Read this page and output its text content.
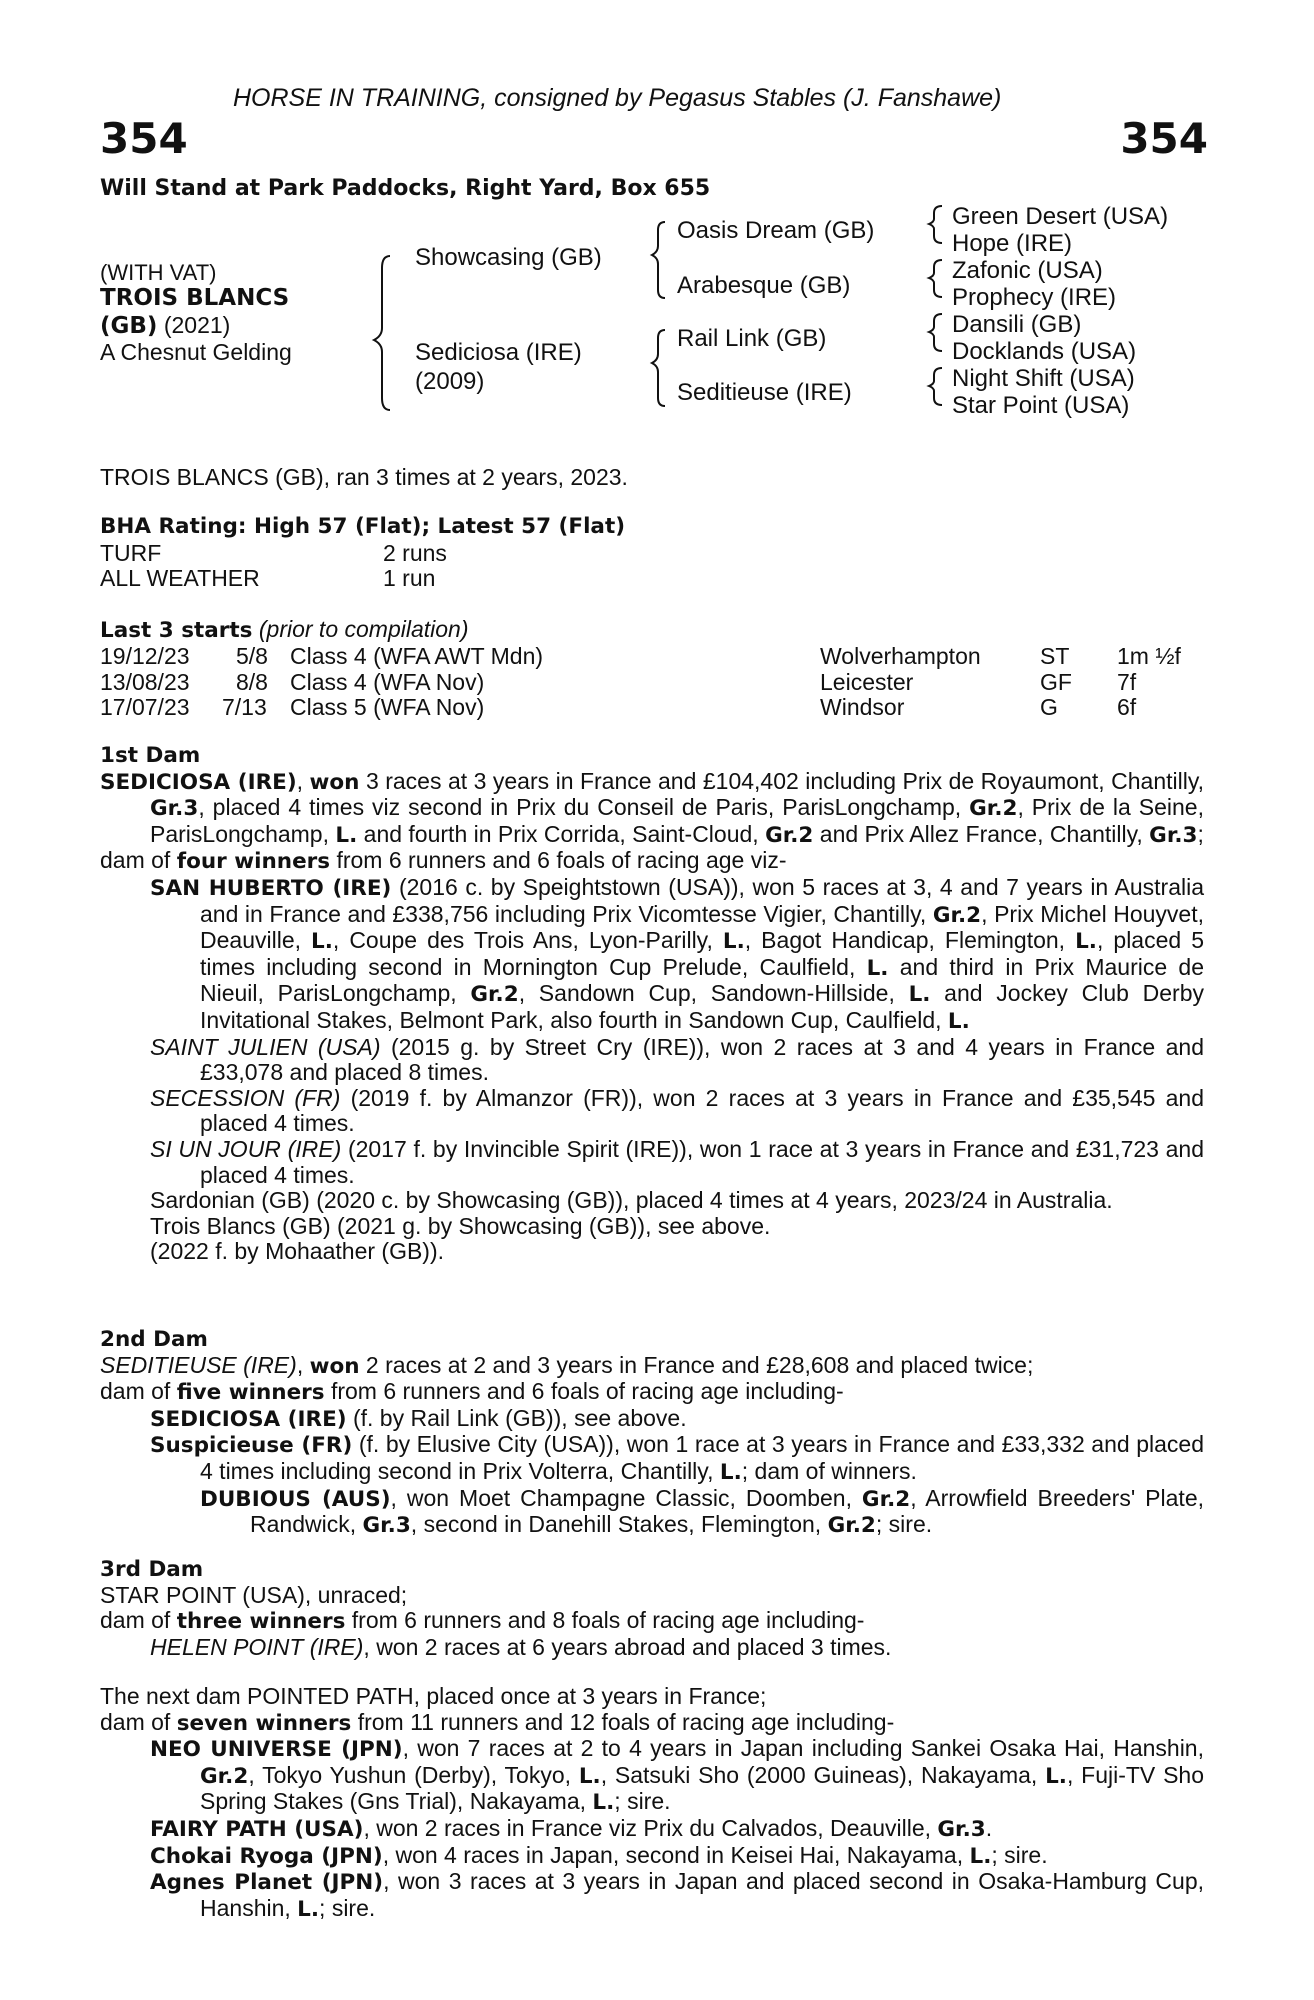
HORSE IN TRAINING, consigned by Pegasus Stables (J. Fanshawe)
354	354
Will Stand at Park Paddocks, Right Yard, Box 655
(WITH VAT)
TROIS BLANCS
(GB) (2021)
A Chesnut Gelding
Showcasing (GB)
Sediciosa (IRE)
(2009)
Oasis Dream (GB)
Arabesque (GB)
Rail Link (GB)
Seditieuse (IRE)
Green Desert (USA)
Hope (IRE)
Zafonic (USA)
Prophecy (IRE)
Dansili (GB)
Docklands (USA)
Night Shift (USA)
Star Point (USA)
TROIS BLANCS (GB), ran 3 times at 2 years, 2023.
BHA Rating: High 57 (Flat); Latest 57 (Flat)
TURF	2 runs
ALL WEATHER	1 run
Last 3 starts (prior to compilation)
19/12/23 5/8 Class 4 (WFA AWT Mdn)	Wolverhampton	ST 1m ½f
13/08/23 8/8 Class 4 (WFA Nov)	Leicester	GF 7f
17/07/23 7/13 Class 5 (WFA Nov)	Windsor	G	6f

1st Dam

SEDICIOSA (IRE), won 3 races at 3 years in France and £104,402 including Prix de Royaumont, Chantilly, Gr.3, placed 4 times viz second in Prix du Conseil de Paris, ParisLongchamp, Gr.2, Prix de la Seine, ParisLongchamp, L. and fourth in Prix Corrida, Saint-Cloud, Gr.2 and Prix Allez France, Chantilly, Gr.3;

dam of four winners from 6 runners and 6 foals of racing age viz-

SAN HUBERTO (IRE) (2016 c. by Speightstown (USA)), won 5 races at 3, 4 and 7 years in Australia and in France and £338,756 including Prix Vicomtesse Vigier, Chantilly, Gr.2, Prix Michel Houyvet, Deauville, L., Coupe des Trois Ans, Lyon-Parilly, L., Bagot Handicap, Flemington, L., placed 5 times including second in Mornington Cup Prelude, Caulfield, L. and third in Prix Maurice de Nieuil, ParisLongchamp, Gr.2, Sandown Cup, Sandown-Hillside, L. and Jockey Club Derby Invitational Stakes, Belmont Park, also fourth in Sandown Cup, Caulfield, L.

SAINT JULIEN (USA) (2015 g. by Street Cry (IRE)), won 2 races at 3 and 4 years in France and £33,078 and placed 8 times.

SECESSION (FR) (2019 f. by Almanzor (FR)), won 2 races at 3 years in France and £35,545 and placed 4 times.

SI UN JOUR (IRE) (2017 f. by Invincible Spirit (IRE)), won 1 race at 3 years in France and £31,723 and placed 4 times.

Sardonian (GB) (2020 c. by Showcasing (GB)), placed 4 times at 4 years, 2023/24 in Australia.

Trois Blancs (GB) (2021 g. by Showcasing (GB)), see above.

(2022 f. by Mohaather (GB)).

2nd Dam

SEDITIEUSE (IRE), won 2 races at 2 and 3 years in France and £28,608 and placed twice;

dam of five winners from 6 runners and 6 foals of racing age including-

SEDICIOSA (IRE) (f. by Rail Link (GB)), see above.

Suspicieuse (FR) (f. by Elusive City (USA)), won 1 race at 3 years in France and £33,332 and placed 4 times including second in Prix Volterra, Chantilly, L.; dam of winners.

DUBIOUS (AUS), won Moet Champagne Classic, Doomben, Gr.2, Arrowfield Breeders' Plate, Randwick, Gr.3, second in Danehill Stakes, Flemington, Gr.2; sire.

3rd Dam

STAR POINT (USA), unraced;

dam of three winners from 6 runners and 8 foals of racing age including-

HELEN POINT (IRE), won 2 races at 6 years abroad and placed 3 times.

The next dam POINTED PATH, placed once at 3 years in France;

dam of seven winners from 11 runners and 12 foals of racing age including-

NEO UNIVERSE (JPN), won 7 races at 2 to 4 years in Japan including Sankei Osaka Hai, Hanshin, Gr.2, Tokyo Yushun (Derby), Tokyo, L., Satsuki Sho (2000 Guineas), Nakayama, L., Fuji-TV Sho Spring Stakes (Gns Trial), Nakayama, L.; sire.

FAIRY PATH (USA), won 2 races in France viz Prix du Calvados, Deauville, Gr.3.

Chokai Ryoga (JPN), won 4 races in Japan, second in Keisei Hai, Nakayama, L.; sire.

Agnes Planet (JPN), won 3 races at 3 years in Japan and placed second in Osaka-Hamburg Cup, Hanshin, L.; sire.
